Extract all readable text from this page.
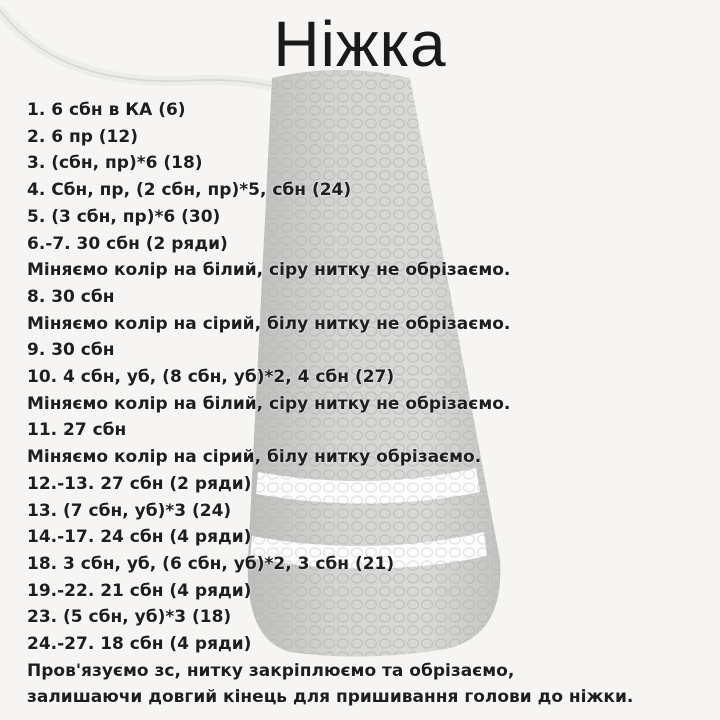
Ніжка
1. 6 сбн в КА (6)
2. 6 пр (12)
3. (сбн, пр)*6 (18)
4. Сбн, пр, (2 сбн, пр)*5, сбн (24)
5. (3 сбн, пр)*6 (30)
6.-7. 30 сбн (2 ряди)
Міняємо колір на білий, сіру нитку не обрізаємо.
8. 30 сбн
Міняємо колір на сірий, білу нитку не обрізаємо.
9. 30 сбн
10. 4 сбн, уб, (8 сбн, уб)*2, 4 сбн (27)
Міняємо колір на білий, сіру нитку не обрізаємо.
11. 27 сбн
Міняємо колір на сірий, білу нитку обрізаємо.
12.-13. 27 сбн (2 ряди)
13. (7 сбн, уб)*3 (24)
14.-17. 24 сбн (4 ряди)
18. 3 сбн, уб, (6 сбн, уб)*2, 3 сбн (21)
19.-22. 21 сбн (4 ряди)
23. (5 сбн, уб)*3 (18)
24.-27. 18 сбн (4 ряди)
Пров'язуємо зс, нитку закріплюємо та обрізаємо,
залишаючи довгий кінець для пришивання голови до ніжки.
